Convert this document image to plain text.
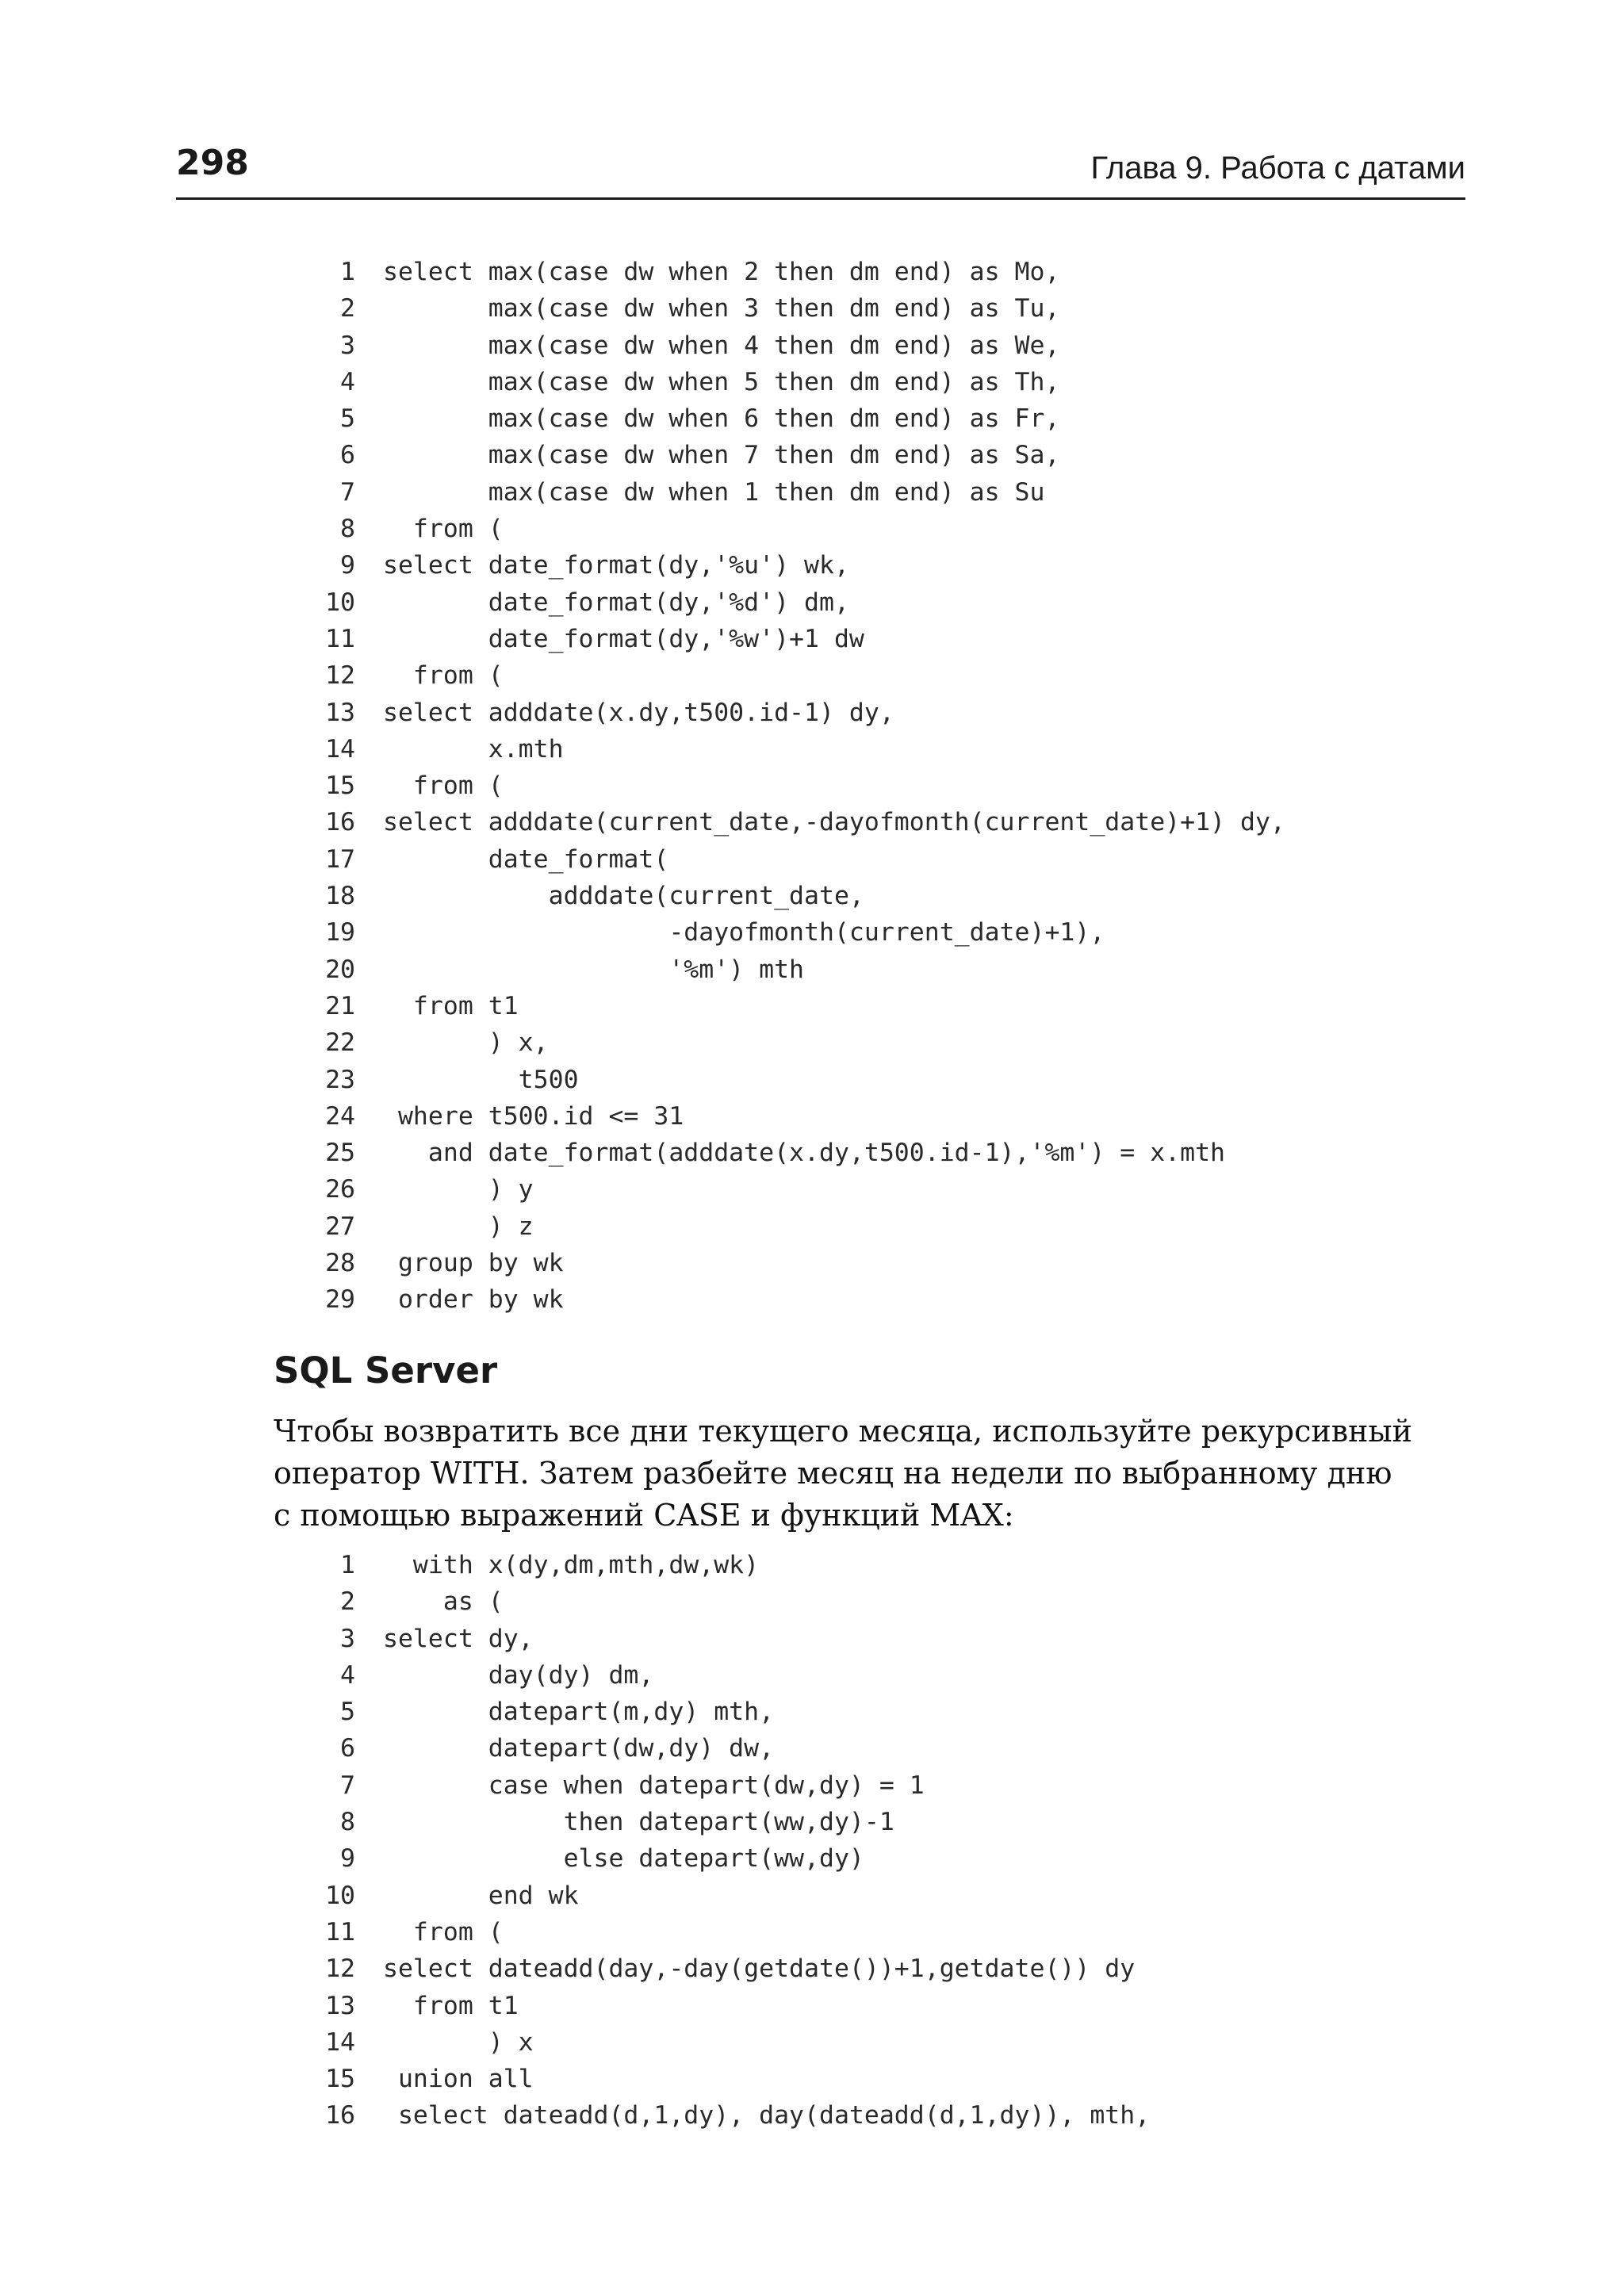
298	Глава 9. Работа с датами
1 select max(case dw when 2 then dm end) as Mo,
2       max(case dw when 3 then dm end) as Tu,
3       max(case dw when 4 then dm end) as We,
4       max(case dw when 5 then dm end) as Th,
5       max(case dw when 6 then dm end) as Fr,
6       max(case dw when 7 then dm end) as Sa,
7       max(case dw when 1 then dm end) as Su
8  from (
9 select date_format(dy,'%u') wk,
10       date_format(dy,'%d') dm,
11       date_format(dy,'%w')+1 dw
12  from (
13 select adddate(x.dy,t500.id-1) dy,
14       x.mth
15  from (
16 select adddate(current_date,-dayofmonth(current_date)+1) dy,
17       date_format(
18           adddate(current_date,
19                   -dayofmonth(current_date)+1),
20                   '%m') mth
21  from t1
22       ) x,
23         t500
24 where t500.id <= 31
25   and date_format(adddate(x.dy,t500.id-1),'%m') = x.mth
26       ) y
27       ) z
28 group by wk
29 order by wk
SQL Server
Чтобы возвратить все дни текущего месяца, используйте рекурсивный
оператор WITH. Затем разбейте месяц на недели по выбранному дню
с помощью выражений CASE и функций MAX:
1  with x(dy,dm,mth,dw,wk)
2    as (
3 select dy,
4       day(dy) dm,
5       datepart(m,dy) mth,
6       datepart(dw,dy) dw,
7       case when datepart(dw,dy) = 1
8            then datepart(ww,dy)-1
9            else datepart(ww,dy)
10       end wk
11  from (
12 select dateadd(day,-day(getdate())+1,getdate()) dy
13  from t1
14       ) x
15 union all
16 select dateadd(d,1,dy), day(dateadd(d,1,dy)), mth,
